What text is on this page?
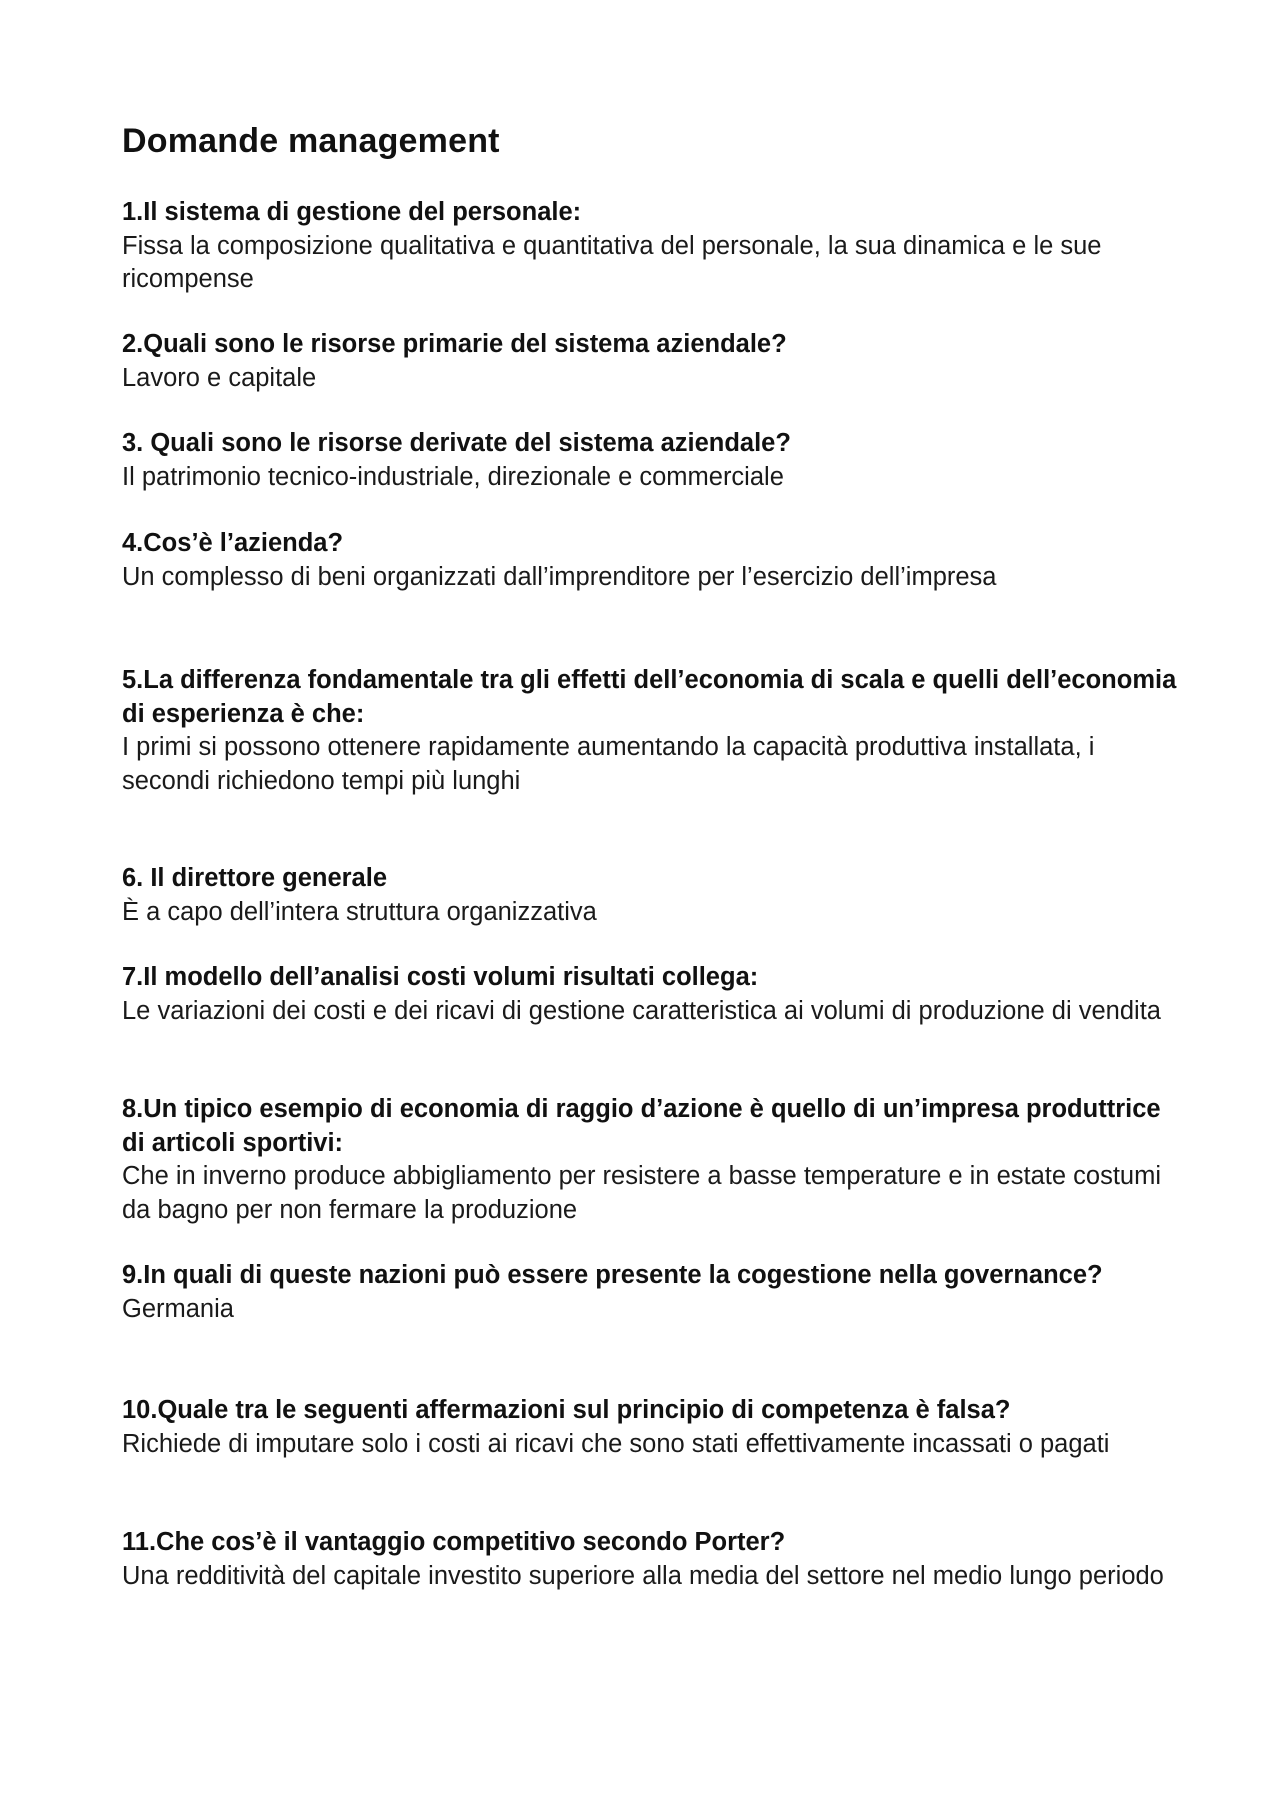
Domande management

1.Il sistema di gestione del personale:

Fissa la composizione qualitativa e quantitativa del personale, la sua dinamica e le sue ricompense

2.Quali sono le risorse primarie del sistema aziendale?

Lavoro e capitale

3. Quali sono le risorse derivate del sistema aziendale?

Il patrimonio tecnico-industriale, direzionale e commerciale

4.Cos’è l’azienda?

Un complesso di beni organizzati dall’imprenditore per l’esercizio dell’impresa

5.La differenza fondamentale tra gli effetti dell’economia di scala e quelli dell’economia di esperienza è che:

I primi si possono ottenere rapidamente aumentando la capacità produttiva installata, i secondi richiedono tempi più lunghi

6. Il direttore generale

È a capo dell’intera struttura organizzativa

7.Il modello dell’analisi costi volumi risultati collega:

Le variazioni dei costi e dei ricavi di gestione caratteristica ai volumi di produzione di vendita

8.Un tipico esempio di economia di raggio d’azione è quello di un’impresa produttrice di articoli sportivi:

Che in inverno produce abbigliamento per resistere a basse temperature e in estate costumi da bagno per non fermare la produzione

9.In quali di queste nazioni può essere presente la cogestione nella governance?

Germania

10.Quale tra le seguenti affermazioni sul principio di competenza è falsa?

Richiede di imputare solo i costi ai ricavi che sono stati effettivamente incassati o pagati

11.Che cos’è il vantaggio competitivo secondo Porter?

Una redditività del capitale investito superiore alla media del settore nel medio lungo periodo
